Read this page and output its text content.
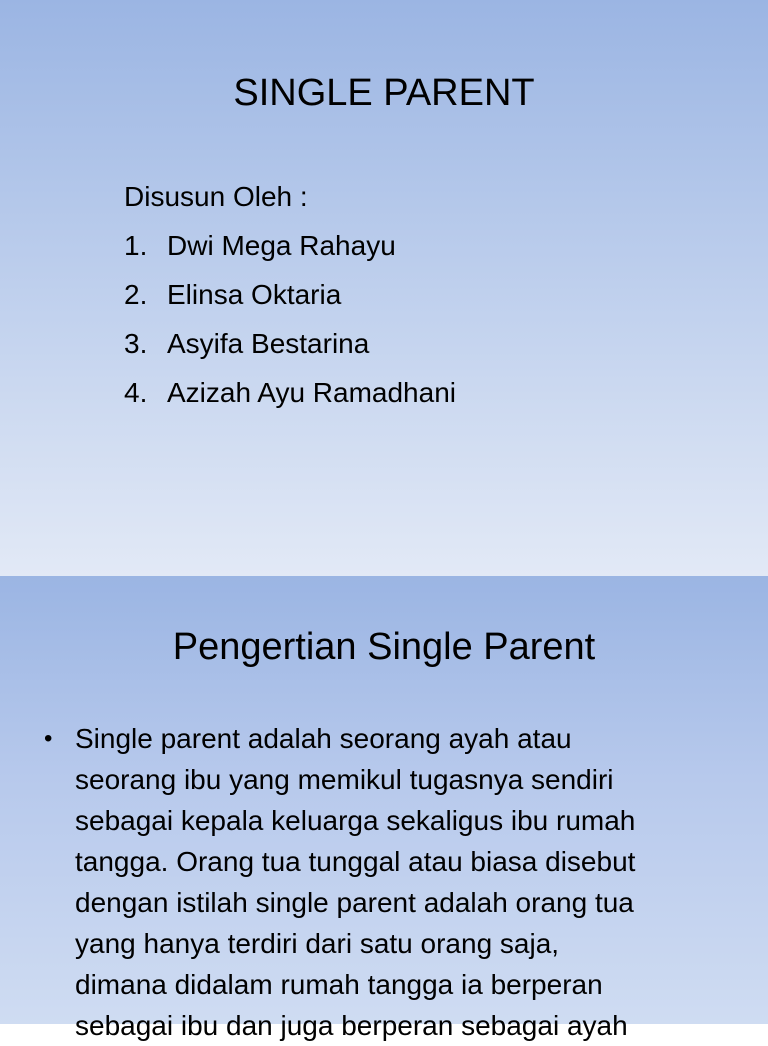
SINGLE PARENT
Disusun Oleh :
1. Dwi Mega Rahayu
2. Elinsa Oktaria
3. Asyifa Bestarina
4. Azizah Ayu Ramadhani
Pengertian Single Parent
• Single parent adalah seorang ayah atau
seorang ibu yang memikul tugasnya sendiri
sebagai kepala keluarga sekaligus ibu rumah
tangga. Orang tua tunggal atau biasa disebut
dengan istilah single parent adalah orang tua
yang hanya terdiri dari satu orang saja,
dimana didalam rumah tangga ia berperan
sebagai ibu dan juga berperan sebagai ayah
